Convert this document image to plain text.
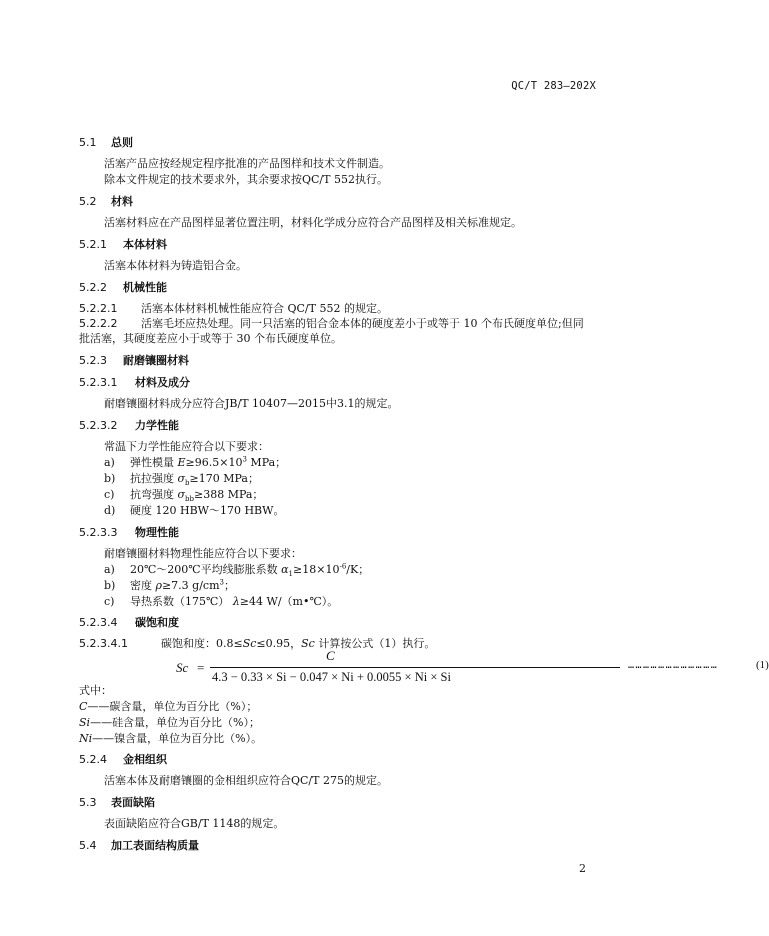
QC/T 283—202X
5.1 总则
活塞产品应按经规定程序批准的产品图样和技术文件制造。
除本文件规定的技术要求外，其余要求按QC/T 552执行。
5.2 材料
活塞材料应在产品图样显著位置注明，材料化学成分应符合产品图样及相关标准规定。
5.2.1 本体材料
活塞本体材料为铸造铝合金。
5.2.2 机械性能
5.2.2.1 活塞本体材料机械性能应符合 QC/T 552 的规定。
5.2.2.2 活塞毛坯应热处理。同一只活塞的铝合金本体的硬度差小于或等于 10 个布氏硬度单位;但同
批活塞，其硬度差应小于或等于 30 个布氏硬度单位。
5.2.3 耐磨镶圈材料
5.2.3.1 材料及成分
耐磨镶圈材料成分应符合JB/T 10407—2015中3.1的规定。
5.2.3.2 力学性能
常温下力学性能应符合以下要求：
a) 弹性模量 $E\ge 96.5\times 10^3$ MPa；
b) 抗拉强度 $\sigma_b\ge 170$ MPa；
c) 抗弯强度 $\sigma_{bb}\ge 388$ MPa；
d) 硬度 120 HBW～170 HBW。
5.2.3.3 物理性能
耐磨镶圈材料物理性能应符合以下要求：
a) 20℃～200℃平均线膨胀系数 $\alpha_1\ge 18\times 10^{-6}/K$；
b) 密度 ρ≥7.3 $g/cm^3$；
c) 导热系数（175℃） λ≥44 W/（m•℃）。
5.2.3.4 碳饱和度
5.2.3.4.1	碳饱和度：0.8≤Sc≤0.95，Sc 计算按公式（1）执行。
Sc =
C
4.3 − 0.33 × Si − 0.047 × Ni + 0.0055 × Ni × Si
………………………………	(1)
式中：
C——碳含量，单位为百分比（%）；
Si——硅含量，单位为百分比（%）；
Ni——镍含量，单位为百分比（%）。
5.2.4 金相组织
活塞本体及耐磨镶圈的金相组织应符合QC/T 275的规定。
5.3 表面缺陷
表面缺陷应符合GB/T 1148的规定。
5.4 加工表面结构质量
2
